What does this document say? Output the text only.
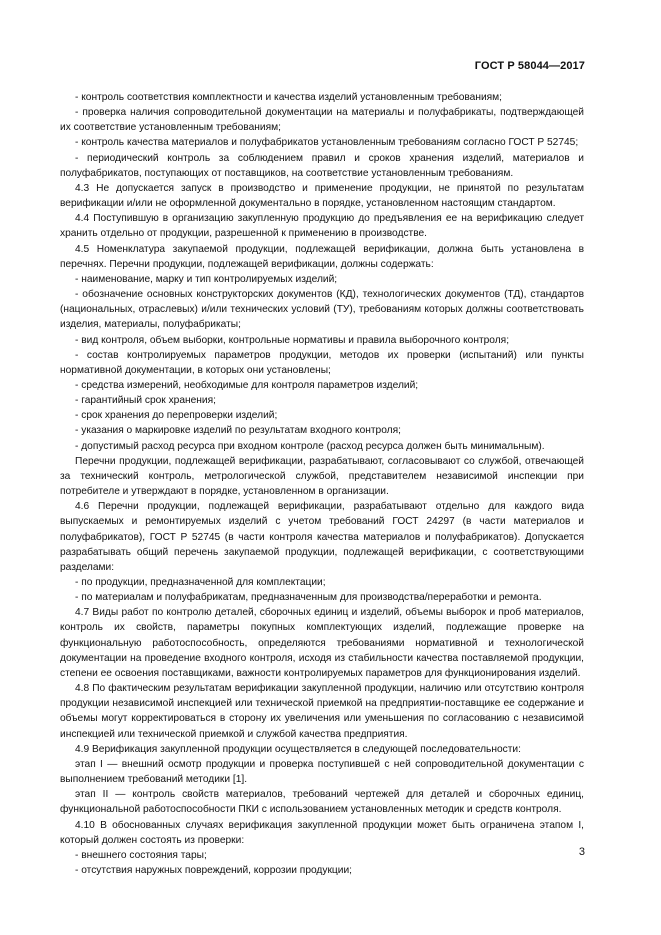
ГОСТ Р 58044—2017

- контроль соответствия комплектности и качества изделий установленным требованиям;

- проверка наличия сопроводительной документации на материалы и полуфабрикаты, подтверждающей их соответствие установленным требованиям;

- контроль качества материалов и полуфабрикатов установленным требованиям согласно ГОСТ Р 52745;

- периодический контроль за соблюдением правил и сроков хранения изделий, материалов и полуфабрикатов, поступающих от поставщиков, на соответствие установленным требованиям.

4.3 Не допускается запуск в производство и применение продукции, не принятой по результатам верификации и/или не оформленной документально в порядке, установленном настоящим стандартом.

4.4 Поступившую в организацию закупленную продукцию до предъявления ее на верификацию следует хранить отдельно от продукции, разрешенной к применению в производстве.

4.5 Номенклатура закупаемой продукции, подлежащей верификации, должна быть установлена в перечнях. Перечни продукции, подлежащей верификации, должны содержать:

- наименование, марку и тип контролируемых изделий;

- обозначение основных конструкторских документов (КД), технологических документов (ТД), стандартов (национальных, отраслевых) и/или технических условий (ТУ), требованиям которых должны соответствовать изделия, материалы, полуфабрикаты;

- вид контроля, объем выборки, контрольные нормативы и правила выборочного контроля;

- состав контролируемых параметров продукции, методов их проверки (испытаний) или пункты нормативной документации, в которых они установлены;

- средства измерений, необходимые для контроля параметров изделий;

- гарантийный срок хранения;

- срок хранения до перепроверки изделий;

- указания о маркировке изделий по результатам входного контроля;

- допустимый расход ресурса при входном контроле (расход ресурса должен быть минимальным).

Перечни продукции, подлежащей верификации, разрабатывают, согласовывают со службой, отвечающей за технический контроль, метрологической службой, представителем независимой инспекции при потребителе и утверждают в порядке, установленном в организации.

4.6 Перечни продукции, подлежащей верификации, разрабатывают отдельно для каждого вида выпускаемых и ремонтируемых изделий с учетом требований ГОСТ 24297 (в части материалов и полуфабрикатов), ГОСТ Р 52745 (в части контроля качества материалов и полуфабрикатов). Допускается разрабатывать общий перечень закупаемой продукции, подлежащей верификации, с соответствующими разделами:

- по продукции, предназначенной для комплектации;

- по материалам и полуфабрикатам, предназначенным для производства/переработки и ремонта.

4.7 Виды работ по контролю деталей, сборочных единиц и изделий, объемы выборок и проб материалов, контроль их свойств, параметры покупных комплектующих изделий, подлежащие проверке на функциональную работоспособность, определяются требованиями нормативной и технологической документации на проведение входного контроля, исходя из стабильности качества поставляемой продукции, степени ее освоения поставщиками, важности контролируемых параметров для функционирования изделий.

4.8 По фактическим результатам верификации закупленной продукции, наличию или отсутствию контроля продукции независимой инспекцией или технической приемкой на предприятии-поставщике ее содержание и объемы могут корректироваться в сторону их увеличения или уменьшения по согласованию с независимой инспекцией или технической приемкой и службой качества предприятия.

4.9 Верификация закупленной продукции осуществляется в следующей последовательности:

этап I — внешний осмотр продукции и проверка поступившей с ней сопроводительной документации с выполнением требований методики [1].

этап II — контроль свойств материалов, требований чертежей для деталей и сборочных единиц, функциональной работоспособности ПКИ с использованием установленных методик и средств контроля.

4.10 В обоснованных случаях верификация закупленной продукции может быть ограничена этапом I, который должен состоять из проверки:

- внешнего состояния тары;

- отсутствия наружных повреждений, коррозии продукции;

3
